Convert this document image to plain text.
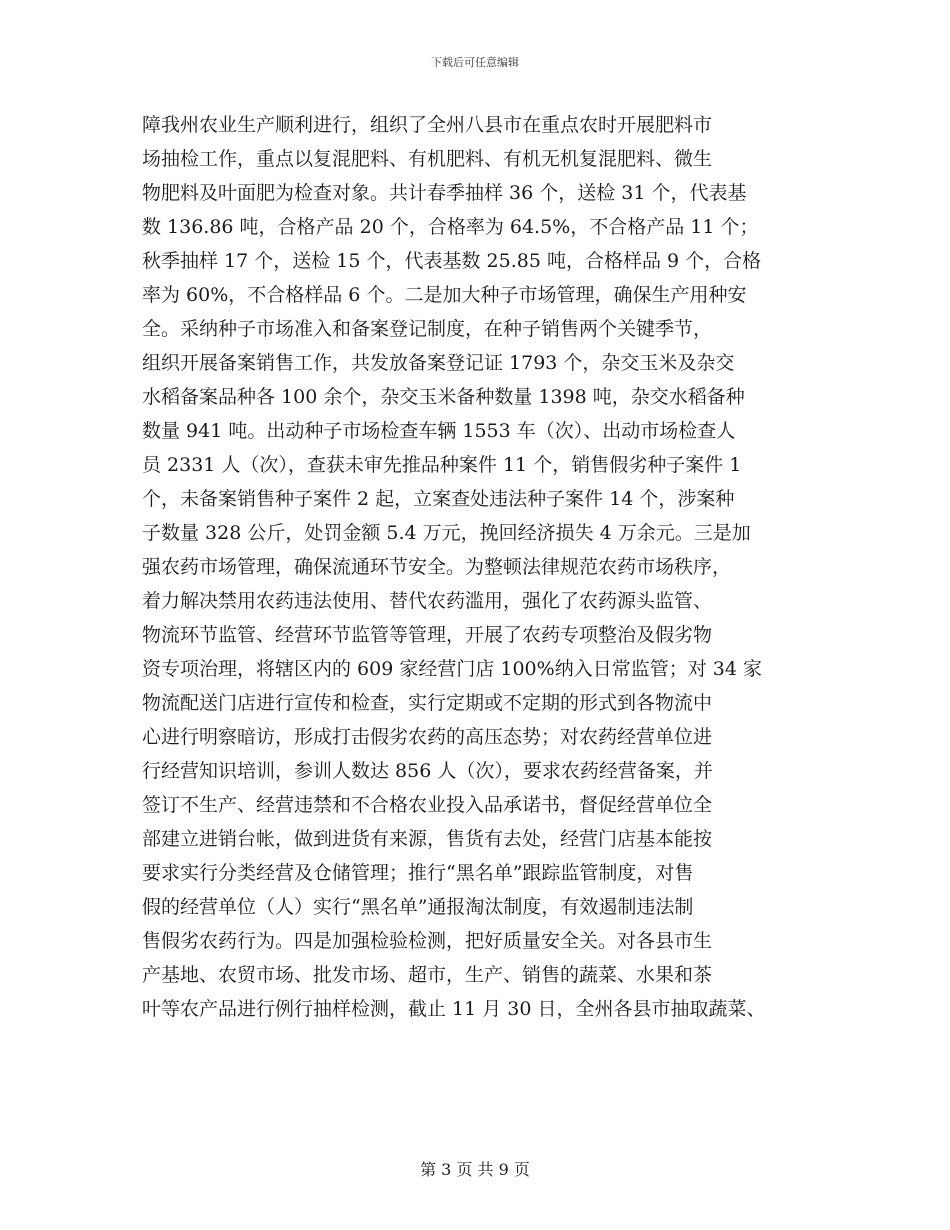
下载后可任意编辑
障我州农业生产顺利进行，组织了全州八县市在重点农时开展肥料市
场抽检工作，重点以复混肥料、有机肥料、有机无机复混肥料、微生
物肥料及叶面肥为检查对象。共计春季抽样 36 个，送检 31 个，代表基
数 136.86 吨，合格产品 20 个，合格率为 64.5%，不合格产品 11 个；
秋季抽样 17 个，送检 15 个，代表基数 25.85 吨，合格样品 9 个，合格
率为 60%，不合格样品 6 个。二是加大种子市场管理，确保生产用种安
全。采纳种子市场准入和备案登记制度，在种子销售两个关键季节，
组织开展备案销售工作，共发放备案登记证 1793 个，杂交玉米及杂交
水稻备案品种各 100 余个，杂交玉米备种数量 1398 吨，杂交水稻备种
数量 941 吨。出动种子市场检查车辆 1553 车（次）、出动市场检查人
员 2331 人（次），查获未审先推品种案件 11 个，销售假劣种子案件 1
个，未备案销售种子案件 2 起，立案查处违法种子案件 14 个，涉案种
子数量 328 公斤，处罚金额 5.4 万元，挽回经济损失 4 万余元。三是加
强农药市场管理，确保流通环节安全。为整顿法律规范农药市场秩序，
着力解决禁用农药违法使用、替代农药滥用，强化了农药源头监管、
物流环节监管、经营环节监管等管理，开展了农药专项整治及假劣物
资专项治理，将辖区内的 609 家经营门店 100%纳入日常监管；对 34 家
物流配送门店进行宣传和检查，实行定期或不定期的形式到各物流中
心进行明察暗访，形成打击假劣农药的高压态势；对农药经营单位进
行经营知识培训，参训人数达 856 人（次），要求农药经营备案，并
签订不生产、经营违禁和不合格农业投入品承诺书，督促经营单位全
部建立进销台帐，做到进货有来源，售货有去处，经营门店基本能按
要求实行分类经营及仓储管理；推行“黑名单”跟踪监管制度，对售
假的经营单位（人）实行“黑名单”通报淘汰制度，有效遏制违法制
售假劣农药行为。四是加强检验检测，把好质量安全关。对各县市生
产基地、农贸市场、批发市场、超市，生产、销售的蔬菜、水果和茶
叶等农产品进行例行抽样检测，截止 11 月 30 日，全州各县市抽取蔬菜、
第 3 页 共 9 页
